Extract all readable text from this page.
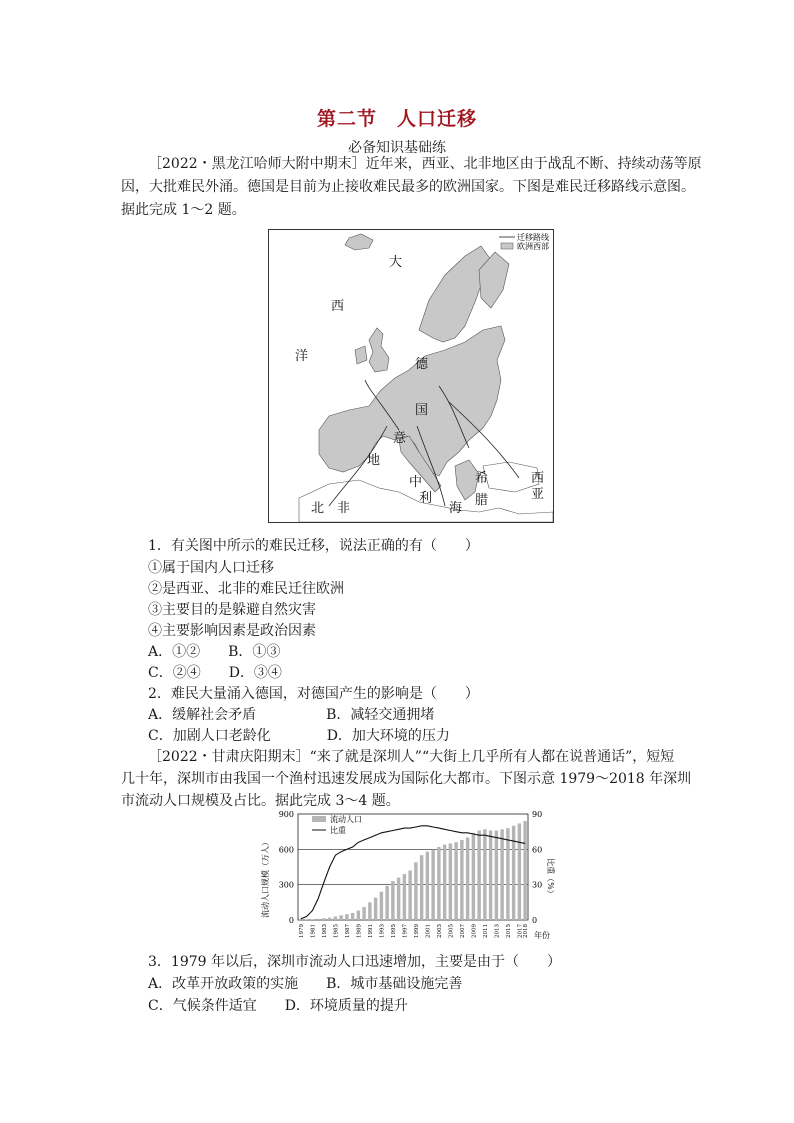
第二节　人口迁移
必备知识基础练
［2022・黑龙江哈师大附中期末］近年来，西亚、北非地区由于战乱不断、持续动荡等原
因，大批难民外涌。德国是目前为止接收难民最多的欧洲国家。下图是难民迁移路线示意图。
据此完成 1～2 题。
迁移路线
欧洲西部
大
西
洋
德
国
意
地
中
利
海
希
腊
西
亚
北　非
1．有关图中所示的难民迁移，说法正确的有（　　）
①属于国内人口迁移
②是西亚、北非的难民迁往欧洲
③主要目的是躲避自然灾害
④主要影响因素是政治因素
A．①②　　B．①③
C．②④　　D．③④
2．难民大量涌入德国，对德国产生的影响是（　　）
A．缓解社会矛盾　　　　　B．减轻交通拥堵
C．加剧人口老龄化　　　　D．加大环境的压力
［2022・甘肃庆阳期末］“来了就是深圳人”“大街上几乎所有人都在说普通话”，短短
几十年，深圳市由我国一个渔村迅速发展成为国际化大都市。下图示意 1979～2018 年深圳
市流动人口规模及占比。据此完成 3～4 题。
0
300
600
900
0
30
60
90
1979 1981 1983 1985 1987 1989 1991 1993 1995 1997 1999 2001 2003 2005 2007 2009 2011 2013 2015 2017 2018
流动人口
比重
流动人口规模（万人）	比重（%）
年份
3．1979 年以后，深圳市流动人口迅速增加，主要是由于（　　）
A．改革开放政策的实施　　B．城市基础设施完善
C．气候条件适宜　　D．环境质量的提升
